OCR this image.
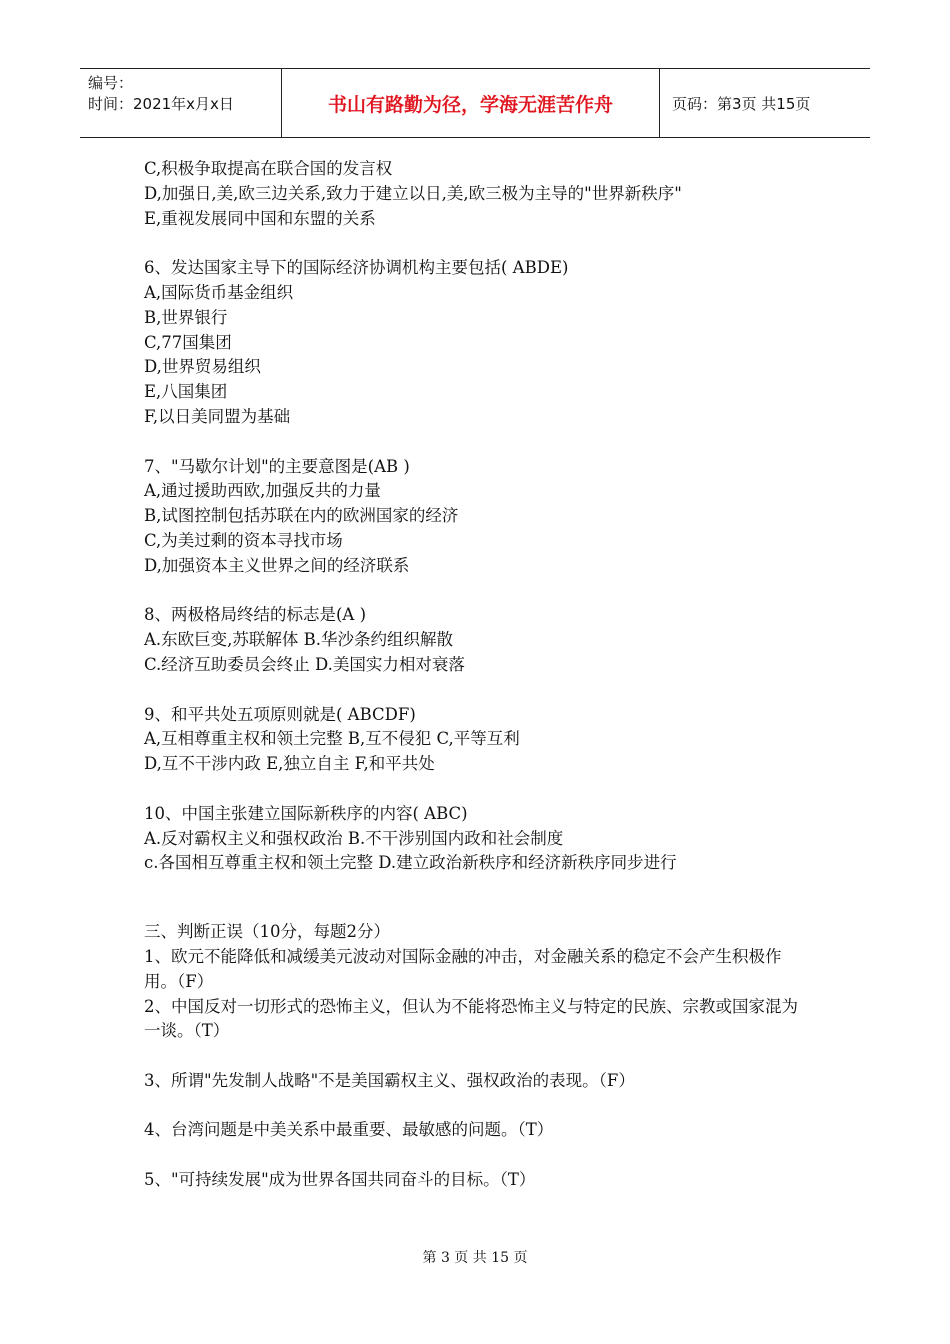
编号：
时间：2021年x月x日	书山有路勤为径，学海无涯苦作舟	页码：第3页 共15页

C,积极争取提高在联合国的发言权

D,加强日,美,欧三边关系,致力于建立以日,美,欧三极为主导的"世界新秩序"

E,重视发展同中国和东盟的关系

6、发达国家主导下的国际经济协调机构主要包括( ABDE)

A,国际货币基金组织

B,世界银行

C,77国集团

D,世界贸易组织

E,八国集团

F,以日美同盟为基础

7、"马歇尔计划"的主要意图是(AB )

A,通过援助西欧,加强反共的力量

B,试图控制包括苏联在内的欧洲国家的经济

C,为美过剩的资本寻找市场

D,加强资本主义世界之间的经济联系

8、两极格局终结的标志是(A )

A.东欧巨变,苏联解体 B.华沙条约组织解散

C.经济互助委员会终止 D.美国实力相对衰落

9、和平共处五项原则就是( ABCDF)

A,互相尊重主权和领土完整 B,互不侵犯 C,平等互利

D,互不干涉内政 E,独立自主 F,和平共处

10、中国主张建立国际新秩序的内容( ABC)

A.反对霸权主义和强权政治 B.不干涉别国内政和社会制度

c.各国相互尊重主权和领土完整 D.建立政治新秩序和经济新秩序同步进行

三、判断正误（10分，每题2分）

1、欧元不能降低和减缓美元波动对国际金融的冲击，对金融关系的稳定不会产生积极作用。（F）

2、中国反对一切形式的恐怖主义，但认为不能将恐怖主义与特定的民族、宗教或国家混为一谈。（T）

3、所谓"先发制人战略"不是美国霸权主义、强权政治的表现。（F）

4、台湾问题是中美关系中最重要、最敏感的问题。（T）

5、"可持续发展"成为世界各国共同奋斗的目标。（T）

第 3 页 共 15 页
